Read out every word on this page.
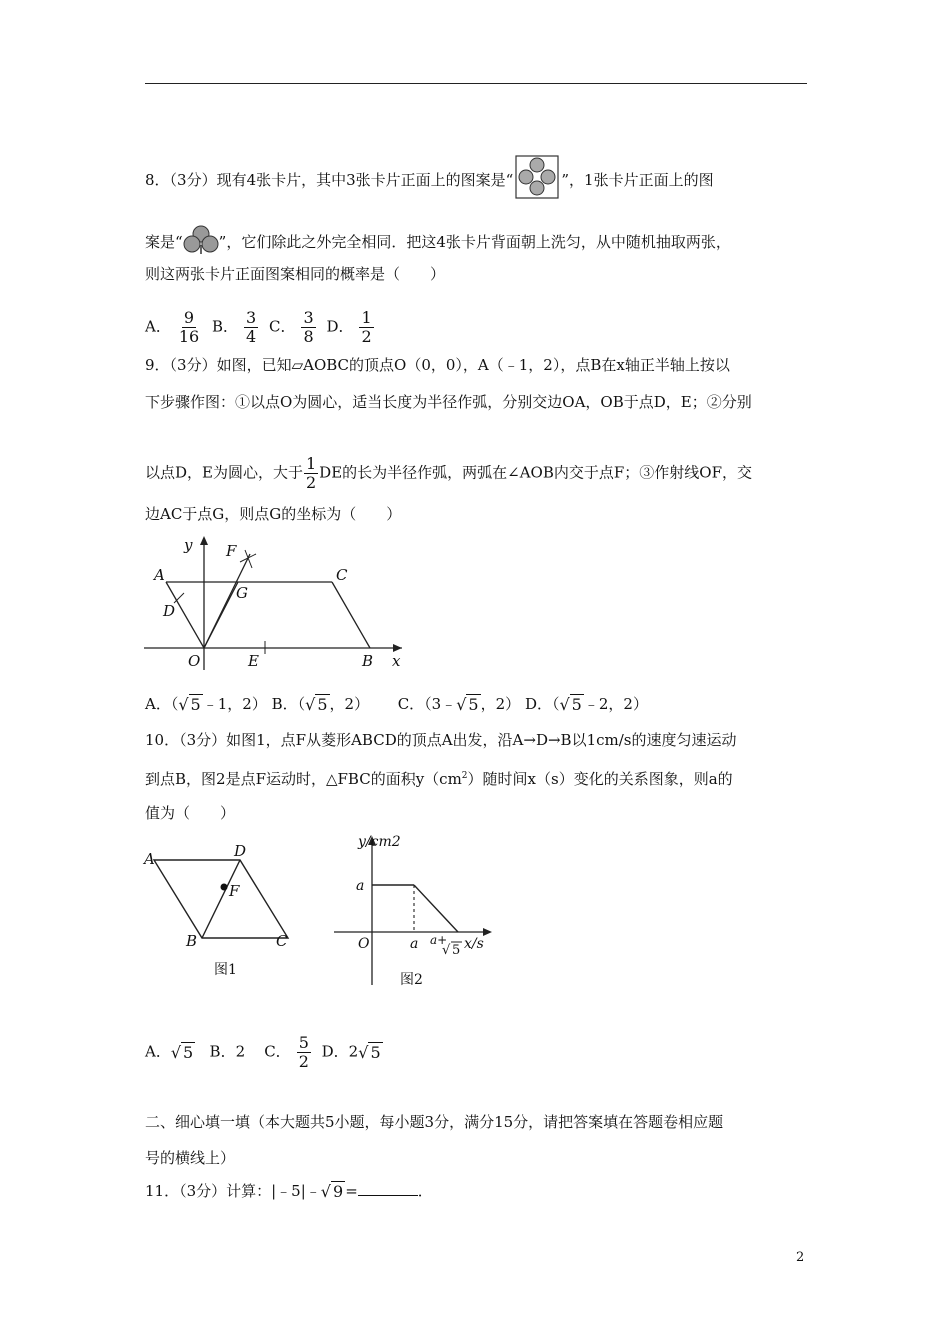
8．（3分）现有4张卡片，其中3张卡片正面上的图案是“	”，1张卡片正面上的图
案是“ ”，它们除此之外完全相同．把这4张卡片背面朝上洗匀，从中随机抽取两张，
则这两张卡片正面图案相同的概率是（　　）
A． $\frac{9}{16}$ B． $\frac{3}{4}$ C． $\frac{3}{8}$ D． $\frac{1}{2}$
9．（3分）如图，已知▱AOBC的顶点O（0，0），A（﹣1，2），点B在x轴正半轴上按以
下步骤作图：①以点O为圆心，适当长度为半径作弧，分别交边OA，OB于点D，E；②分别
以点D，E为圆心，大于 $\frac{1}{2}$ DE的长为半径作弧，两弧在∠AOB内交于点F；③作射线OF，交
边AC于点G，则点G的坐标为（　　）
y
x
F
A	C
D
G
O	E	B
A．（√ 5 ﹣1，2） B．（√ 5 ，2） C．（3﹣√ 5 ，2） D．（√ 5 ﹣2，2）
10．（3分）如图1，点F从菱形ABCD的顶点A出发，沿A→D→B以1cm/s的速度匀速运动
到点B，图2是点F运动时，△FBC的面积$y(cm^2)$随时间x（s）变化的关系图象，则a的
值为（　　）
A	D
F
B	C
图1
y/cm2
a
O	a a+
√ 5 x/s
图2
A．√ 5 B．2 C． $\frac{5}{2}$ D．2√ 5
二、细心填一填（本大题共5小题，每小题3分，满分15分，请把答案填在答题卷相应题
号的横线上）
11．（3分）计算：|﹣5|﹣√ 9 =	．
2
